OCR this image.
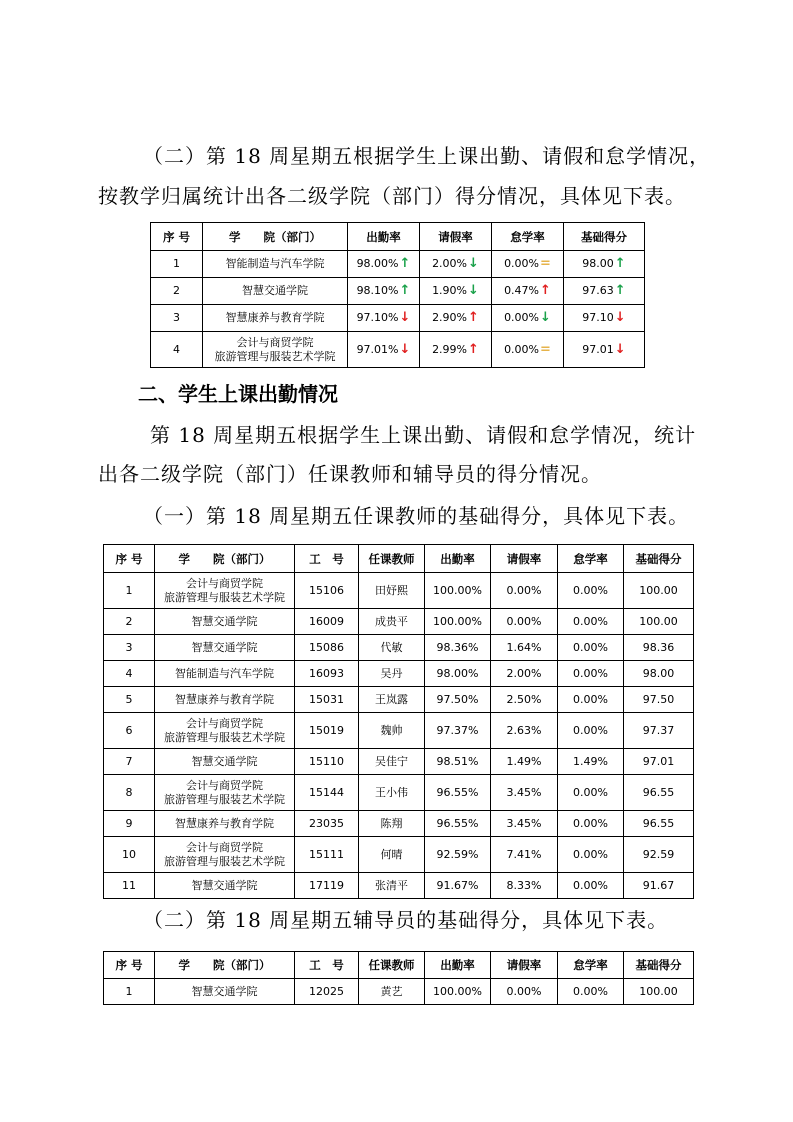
（二）第 18 周星期五根据学生上课出勤、请假和怠学情况，
按教学归属统计出各二级学院（部门）得分情况，具体见下表。
序 号	学　　院（部门）	出勤率	请假率	怠学率	基础得分
1	智能制造与汽车学院	98.00%↑	2.00%↓	0.00%=	98.00↑
2	智慧交通学院	98.10%↑	1.90%↓	0.47%↑	97.63↑
3	智慧康养与教育学院	97.10%↓	2.90%↑	0.00%↓	97.10↓
4	会计与商贸学院
旅游管理与服装艺术学院	97.01%↓	2.99%↑	0.00%=	97.01↓
二、学生上课出勤情况
第 18 周星期五根据学生上课出勤、请假和怠学情况，统计
出各二级学院（部门）任课教师和辅导员的得分情况。
（一）第 18 周星期五任课教师的基础得分，具体见下表。
序 号	学　　院（部门）	工　号	任课教师	出勤率	请假率	怠学率	基础得分
1	会计与商贸学院
旅游管理与服装艺术学院	15106	田妤熙	100.00%	0.00%	0.00%	100.00
2	智慧交通学院	16009	成贵平	100.00%	0.00%	0.00%	100.00
3	智慧交通学院	15086	代敏	98.36%	1.64%	0.00%	98.36
4	智能制造与汽车学院	16093	吴丹	98.00%	2.00%	0.00%	98.00
5	智慧康养与教育学院	15031	王岚露	97.50%	2.50%	0.00%	97.50
6	会计与商贸学院
旅游管理与服装艺术学院	15019	魏帅	97.37%	2.63%	0.00%	97.37
7	智慧交通学院	15110	吴佳宁	98.51%	1.49%	1.49%	97.01
8	会计与商贸学院
旅游管理与服装艺术学院	15144	王小伟	96.55%	3.45%	0.00%	96.55
9	智慧康养与教育学院	23035	陈翔	96.55%	3.45%	0.00%	96.55
10	会计与商贸学院
旅游管理与服装艺术学院	15111	何晴	92.59%	7.41%	0.00%	92.59
11	智慧交通学院	17119	张清平	91.67%	8.33%	0.00%	91.67
（二）第 18 周星期五辅导员的基础得分，具体见下表。
序 号	学　　院（部门）	工　号	任课教师	出勤率	请假率	怠学率	基础得分
1	智慧交通学院	12025	黄艺	100.00%	0.00%	0.00%	100.00
